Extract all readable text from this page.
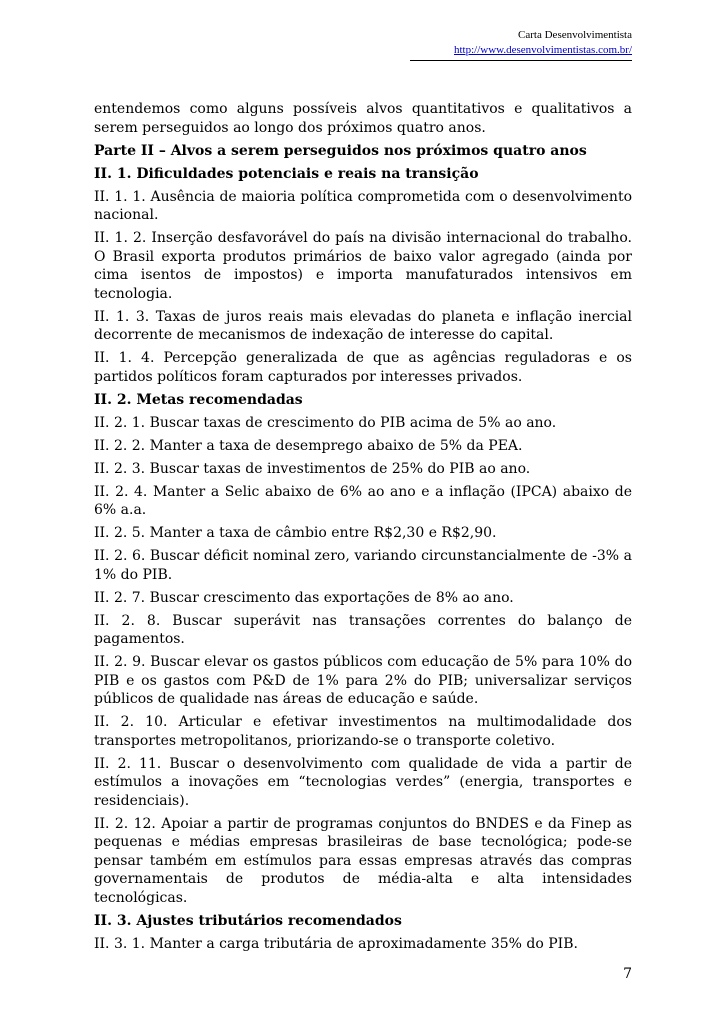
Carta Desenvolvimentista
http://www.desenvolvimentistas.com.br/

entendemos como alguns possíveis alvos quantitativos e qualitativos a serem perseguidos ao longo dos próximos quatro anos.

Parte II – Alvos a serem perseguidos nos próximos quatro anos

II. 1. Dificuldades potenciais e reais na transição

II. 1. 1. Ausência de maioria política comprometida com o desenvolvimento nacional.

II. 1. 2. Inserção desfavorável do país na divisão internacional do trabalho. O Brasil exporta produtos primários de baixo valor agregado (ainda por cima isentos de impostos) e importa manufaturados intensivos em tecnologia.

II. 1. 3. Taxas de juros reais mais elevadas do planeta e inflação inercial decorrente de mecanismos de indexação de interesse do capital.

II. 1. 4. Percepção generalizada de que as agências reguladoras e os partidos políticos foram capturados por interesses privados.

II. 2. Metas recomendadas

II. 2. 1. Buscar taxas de crescimento do PIB acima de 5% ao ano.

II. 2. 2. Manter a taxa de desemprego abaixo de 5% da PEA.

II. 2. 3. Buscar taxas de investimentos de 25% do PIB ao ano.

II. 2. 4. Manter a Selic abaixo de 6% ao ano e a inflação (IPCA) abaixo de 6% a.a.

II. 2. 5. Manter a taxa de câmbio entre R$2,30 e R$2,90.

II. 2. 6. Buscar déficit nominal zero, variando circunstancialmente de -3% a 1% do PIB.

II. 2. 7. Buscar crescimento das exportações de 8% ao ano.

II. 2. 8. Buscar superávit nas transações correntes do balanço de pagamentos.

II. 2. 9. Buscar elevar os gastos públicos com educação de 5% para 10% do PIB e os gastos com P&D de 1% para 2% do PIB; universalizar serviços públicos de qualidade nas áreas de educação e saúde.

II. 2. 10. Articular e efetivar investimentos na multimodalidade dos transportes metropolitanos, priorizando-se o transporte coletivo.

II. 2. 11. Buscar o desenvolvimento com qualidade de vida a partir de estímulos a inovações em “tecnologias verdes” (energia, transportes e residenciais).

II. 2. 12. Apoiar a partir de programas conjuntos do BNDES e da Finep as pequenas e médias empresas brasileiras de base tecnológica; pode-se pensar também em estímulos para essas empresas através das compras governamentais de produtos de média-alta e alta intensidades tecnológicas.

II. 3. Ajustes tributários recomendados

II. 3. 1. Manter a carga tributária de aproximadamente 35% do PIB.

7
